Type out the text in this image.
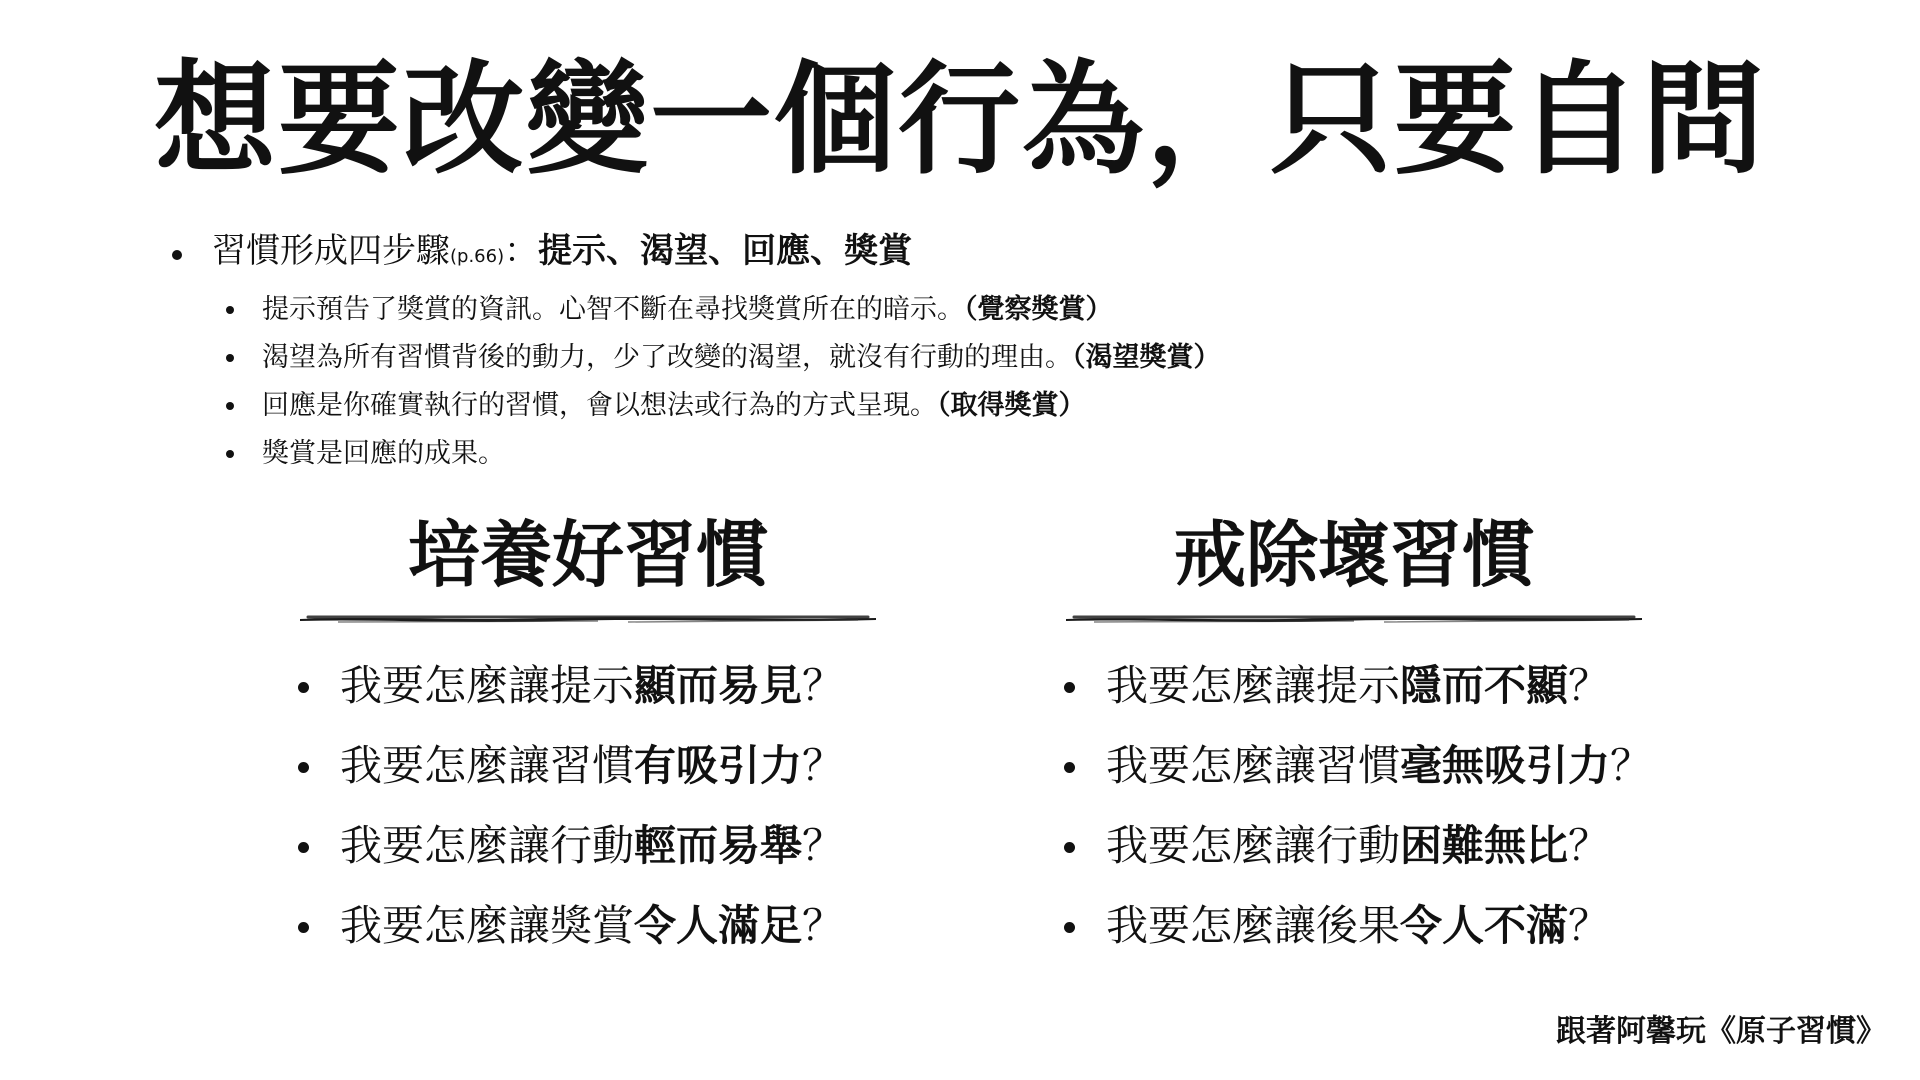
想要改變一個行為，只要自問
習慣形成四步驟(p.66)：提示、渴望、回應、獎賞
提示預告了獎賞的資訊。心智不斷在尋找獎賞所在的暗示。（覺察獎賞）
渴望為所有習慣背後的動力，少了改變的渴望，就沒有行動的理由。（渴望獎賞）
回應是你確實執行的習慣，會以想法或行為的方式呈現。（取得獎賞）
獎賞是回應的成果。
培養好習慣
我要怎麼讓提示顯而易見？
我要怎麼讓習慣有吸引力？
我要怎麼讓行動輕而易舉？
我要怎麼讓獎賞令人滿足？
戒除壞習慣
我要怎麼讓提示隱而不顯？
我要怎麼讓習慣毫無吸引力？
我要怎麼讓行動困難無比？
我要怎麼讓後果令人不滿？
跟著阿馨玩《原子習慣》
